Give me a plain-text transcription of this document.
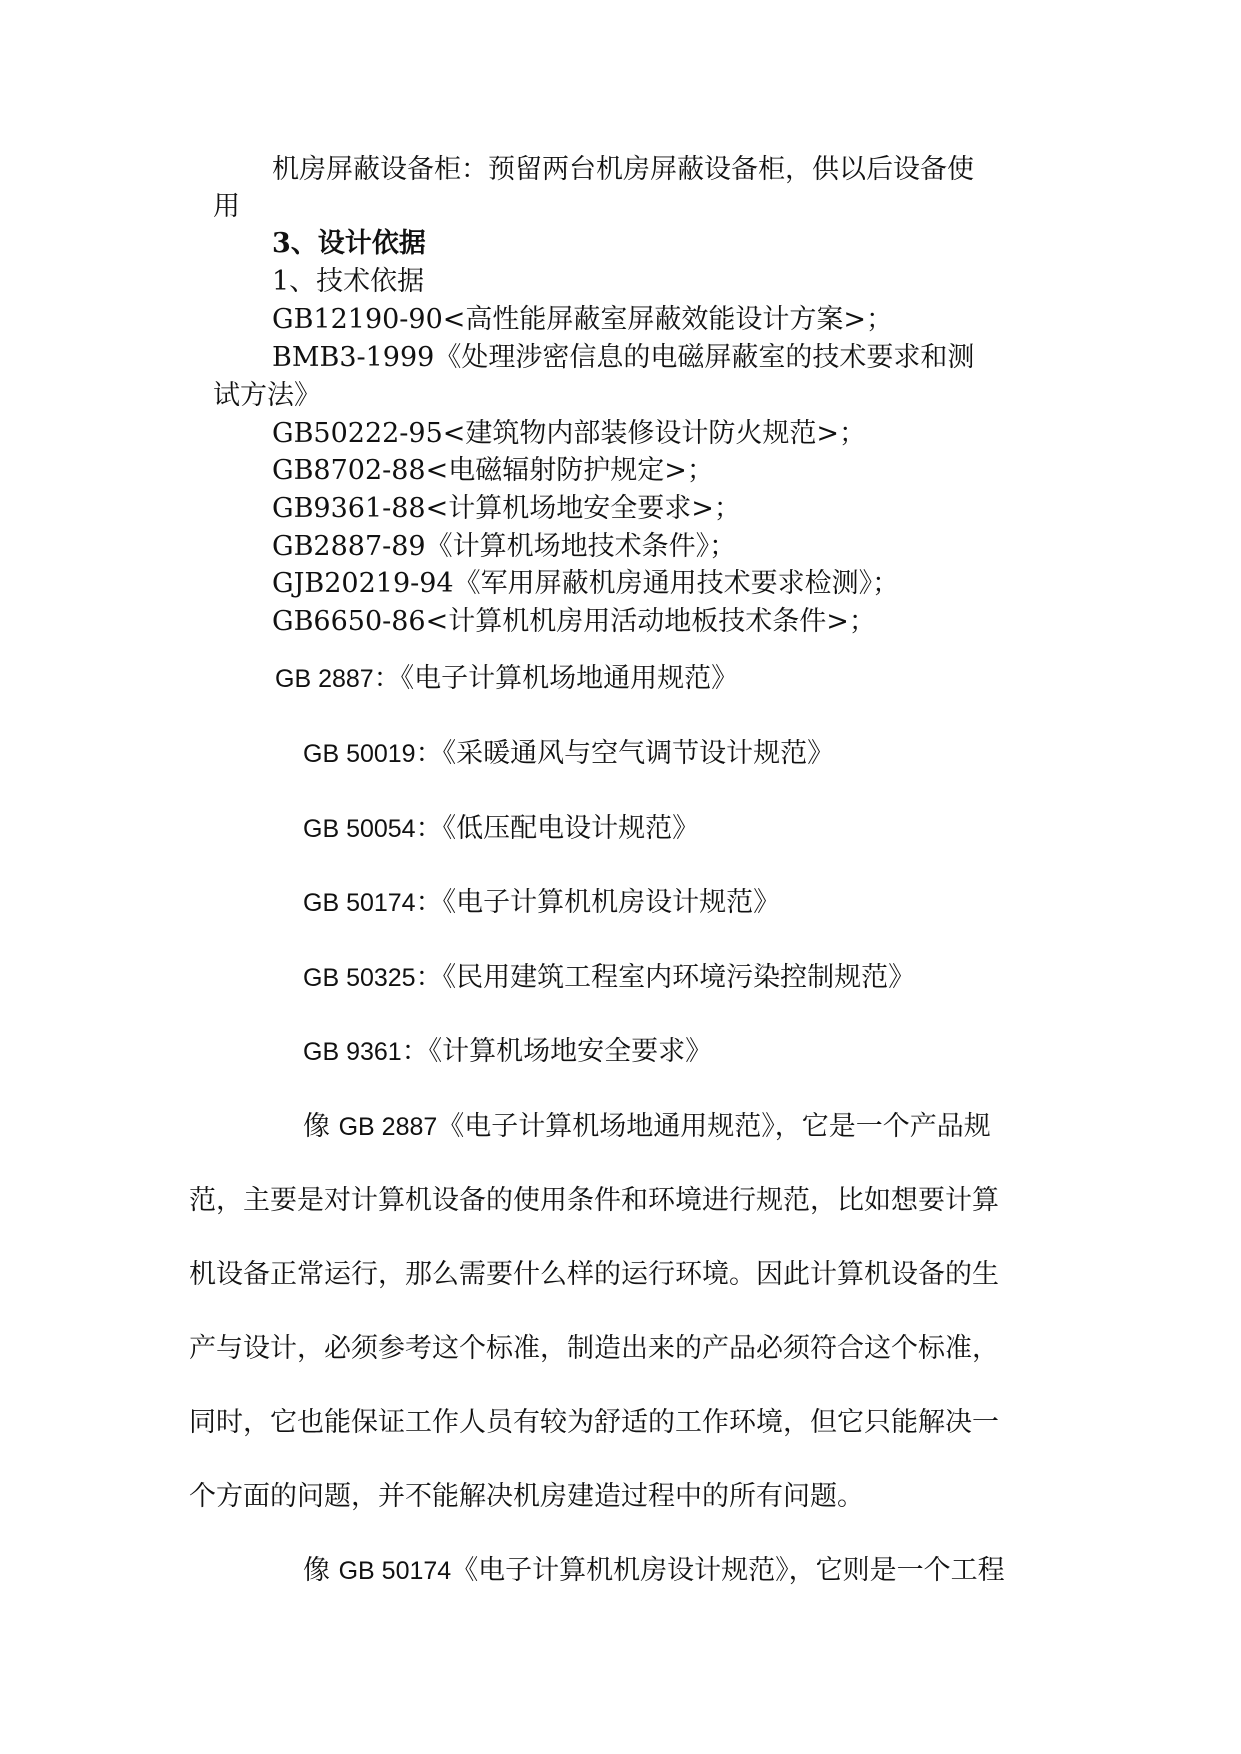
机房屏蔽设备柜：预留两台机房屏蔽设备柜，供以后设备使
用
3、设计依据
1、技术依据
GB12190-90<高性能屏蔽室屏蔽效能设计方案>；
BMB3-1999《处理涉密信息的电磁屏蔽室的技术要求和测
试方法》
GB50222-95<建筑物内部装修设计防火规范>；
GB8702-88<电磁辐射防护规定>；
GB9361-88<计算机场地安全要求>；
GB2887-89《计算机场地技术条件》；
GJB20219-94《军用屏蔽机房通用技术要求检测》；
GB6650-86<计算机机房用活动地板技术条件>；
GB 2887：《电子计算机场地通用规范》
GB 50019：《采暖通风与空气调节设计规范》
GB 50054：《低压配电设计规范》
GB 50174：《电子计算机机房设计规范》
GB 50325：《民用建筑工程室内环境污染控制规范》
GB 9361：《计算机场地安全要求》
像 GB 2887《电子计算机场地通用规范》，它是一个产品规
范，主要是对计算机设备的使用条件和环境进行规范，比如想要计算
机设备正常运行，那么需要什么样的运行环境。因此计算机设备的生
产与设计，必须参考这个标准，制造出来的产品必须符合这个标准，
同时，它也能保证工作人员有较为舒适的工作环境，但它只能解决一
个方面的问题，并不能解决机房建造过程中的所有问题。
像 GB 50174《电子计算机机房设计规范》，它则是一个工程
